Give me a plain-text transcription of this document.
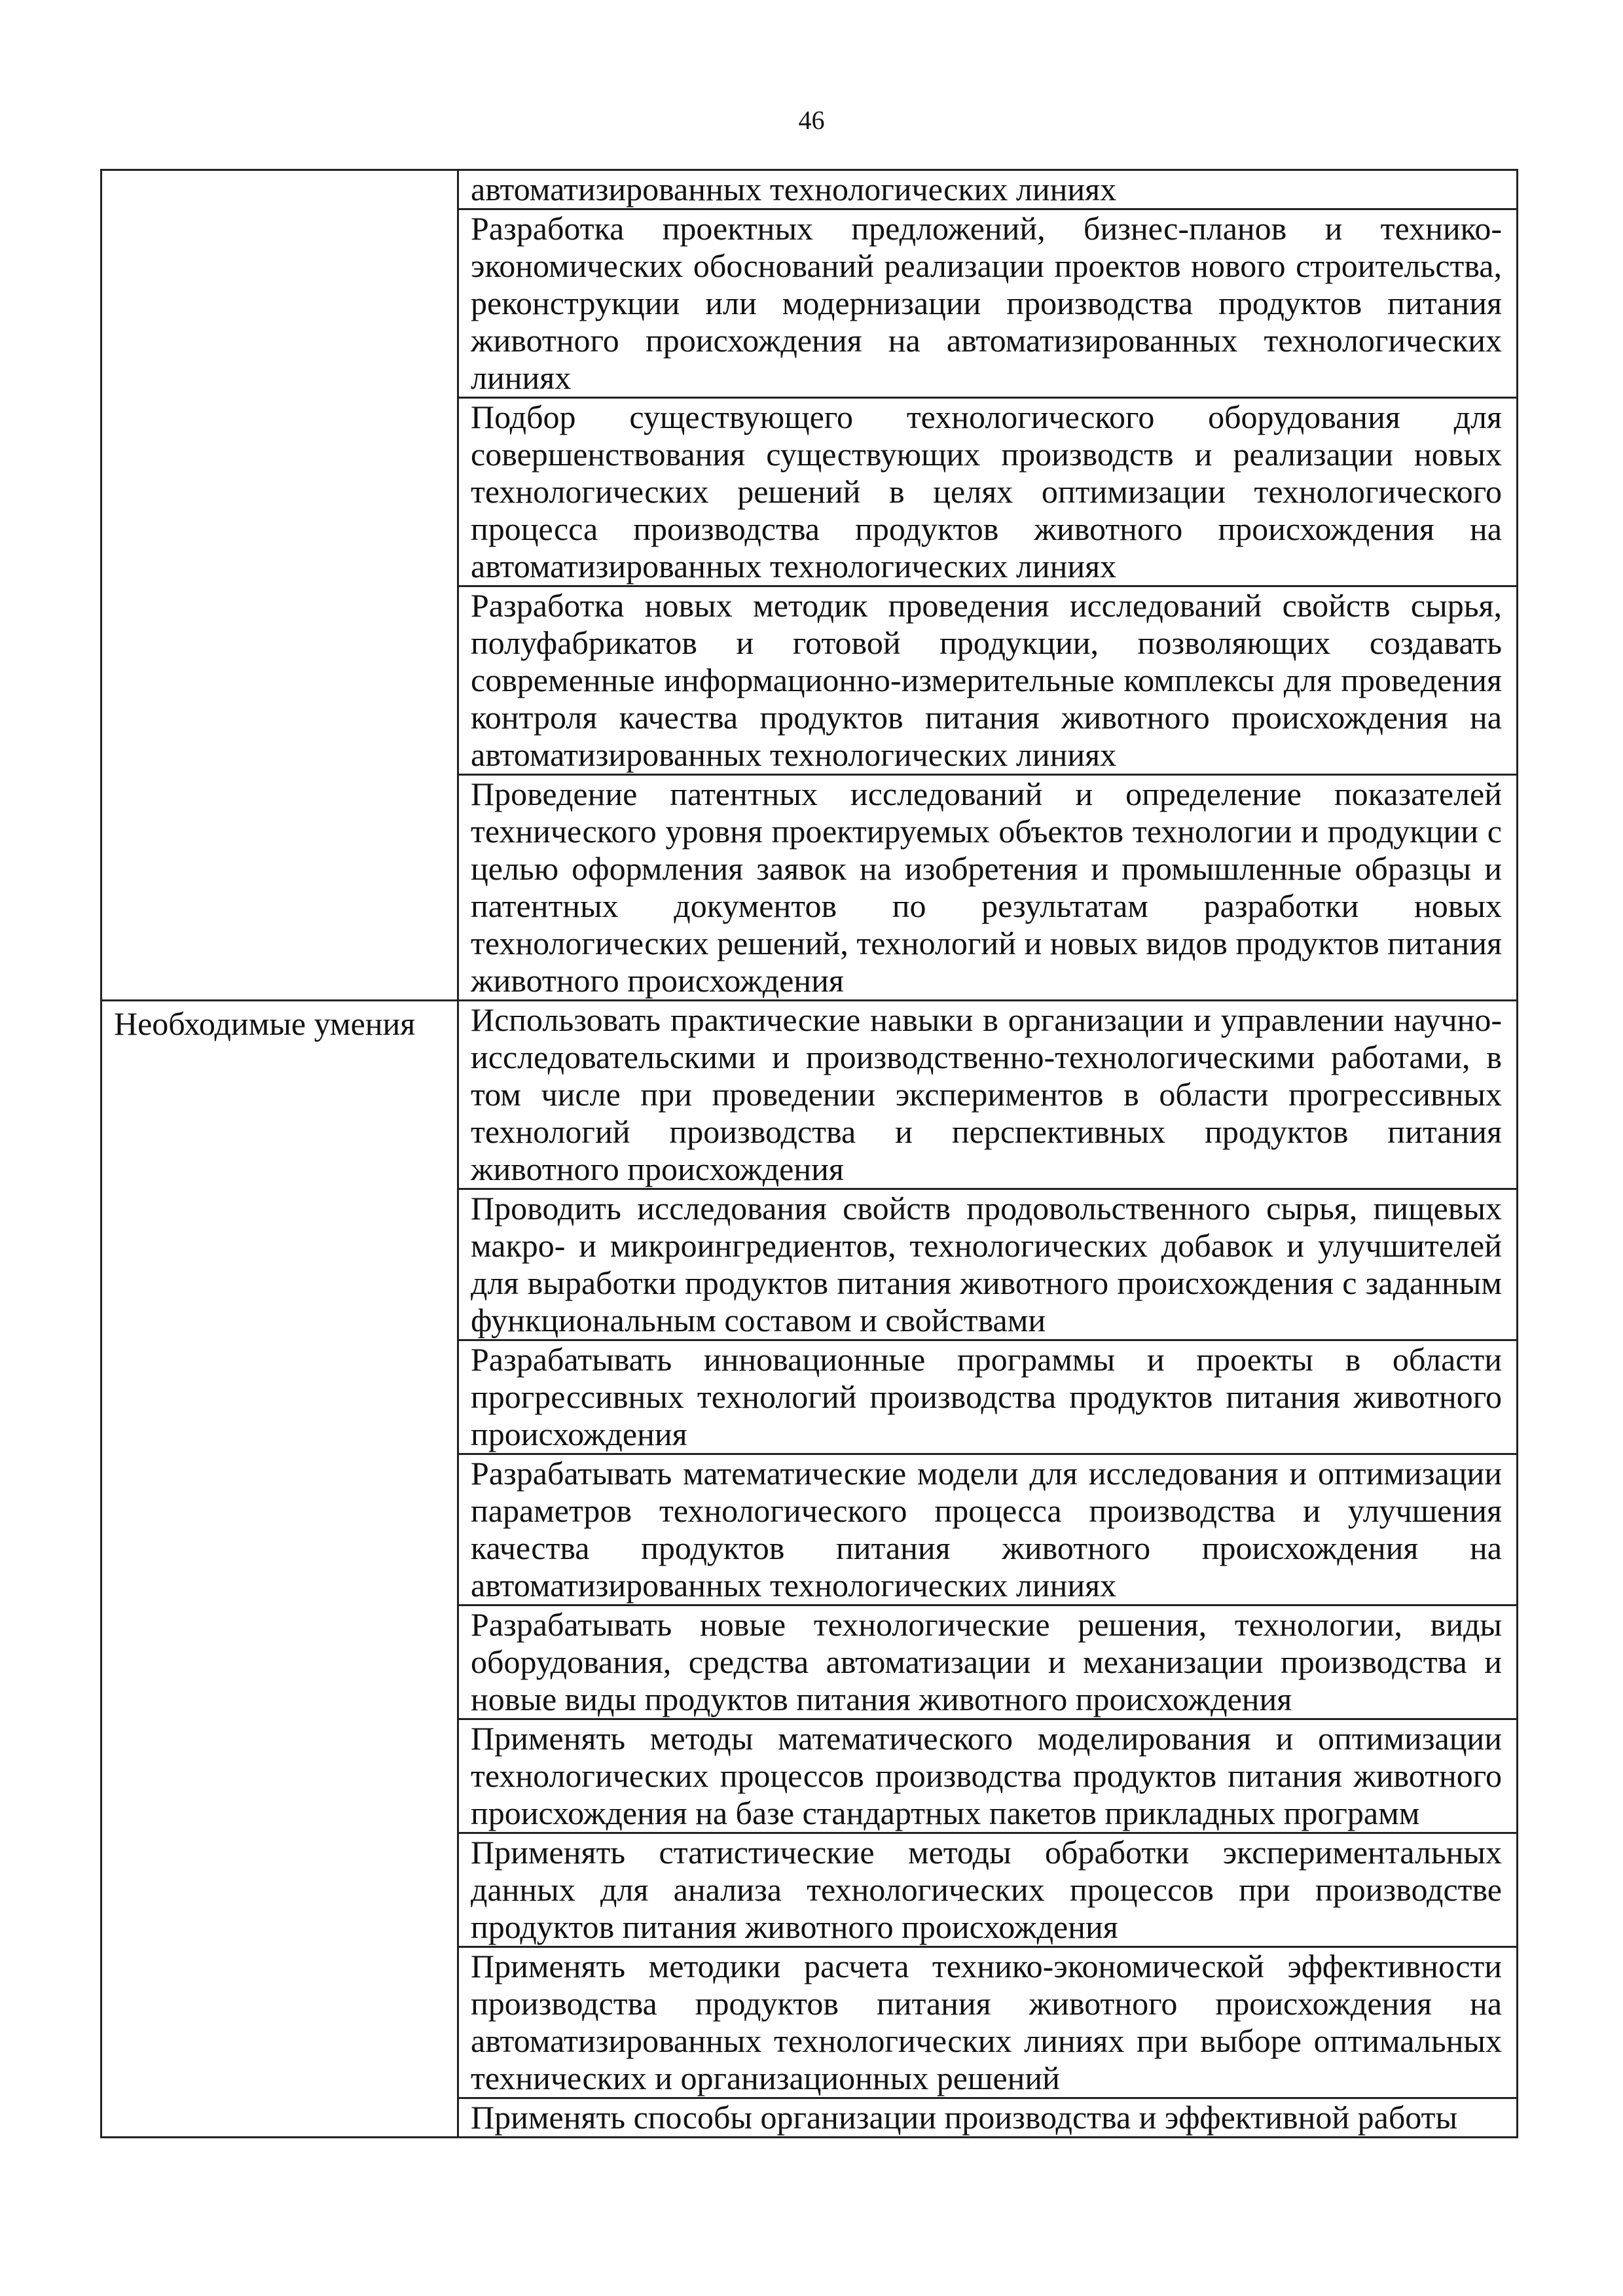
46
	автоматизированных технологических линиях
	Разработка проектных предложений, бизнес-планов и технико-экономических обоснований реализации проектов нового строительства, реконструкции или модернизации производства продуктов питания животного происхождения на автоматизированных технологических линиях
	Подбор существующего технологического оборудования для совершенствования существующих производств и реализации новых технологических решений в целях оптимизации технологического процесса производства продуктов животного происхождения на автоматизированных технологических линиях
	Разработка новых методик проведения исследований свойств сырья, полуфабрикатов и готовой продукции, позволяющих создавать современные информационно-измерительные комплексы для проведения контроля качества продуктов питания животного происхождения на автоматизированных технологических линиях
	Проведение патентных исследований и определение показателей технического уровня проектируемых объектов технологии и продукции с целью оформления заявок на изобретения и промышленные образцы и патентных документов по результатам разработки новых технологических решений, технологий и новых видов продуктов питания животного происхождения
Необходимые умения	Использовать практические навыки в организации и управлении научно-исследовательскими и производственно-технологическими работами, в том числе при проведении экспериментов в области прогрессивных технологий производства и перспективных продуктов питания животного происхождения
	Проводить исследования свойств продовольственного сырья, пищевых макро- и микроингредиентов, технологических добавок и улучшителей для выработки продуктов питания животного происхождения с заданным функциональным составом и свойствами
	Разрабатывать инновационные программы и проекты в области прогрессивных технологий производства продуктов питания животного происхождения
	Разрабатывать математические модели для исследования и оптимизации параметров технологического процесса производства и улучшения качества продуктов питания животного происхождения на автоматизированных технологических линиях
	Разрабатывать новые технологические решения, технологии, виды оборудования, средства автоматизации и механизации производства и новые виды продуктов питания животного происхождения
	Применять методы математического моделирования и оптимизации технологических процессов производства продуктов питания животного происхождения на базе стандартных пакетов прикладных программ
	Применять статистические методы обработки экспериментальных данных для анализа технологических процессов при производстве продуктов питания животного происхождения
	Применять методики расчета технико-экономической эффективности производства продуктов питания животного происхождения на автоматизированных технологических линиях при выборе оптимальных технических и организационных решений
	Применять способы организации производства и эффективной работы
